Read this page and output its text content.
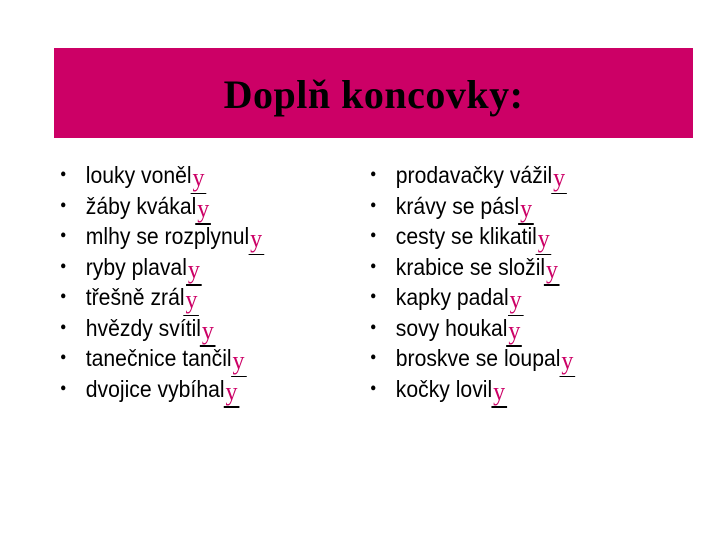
Doplň koncovky:
• louky voněl y
• žáby kvákal y
• mlhy se rozplynul y
• ryby plaval y
• třešně zrál y
• hvězdy svítil y
• tanečnice tančil y
• dvojice vybíhal y
• prodavačky vážil y
• krávy se pásl y
• cesty se klikatil y
• krabice se složil y
• kapky padal y
• sovy houkal y
• broskve se loupal y
• kočky lovil y
